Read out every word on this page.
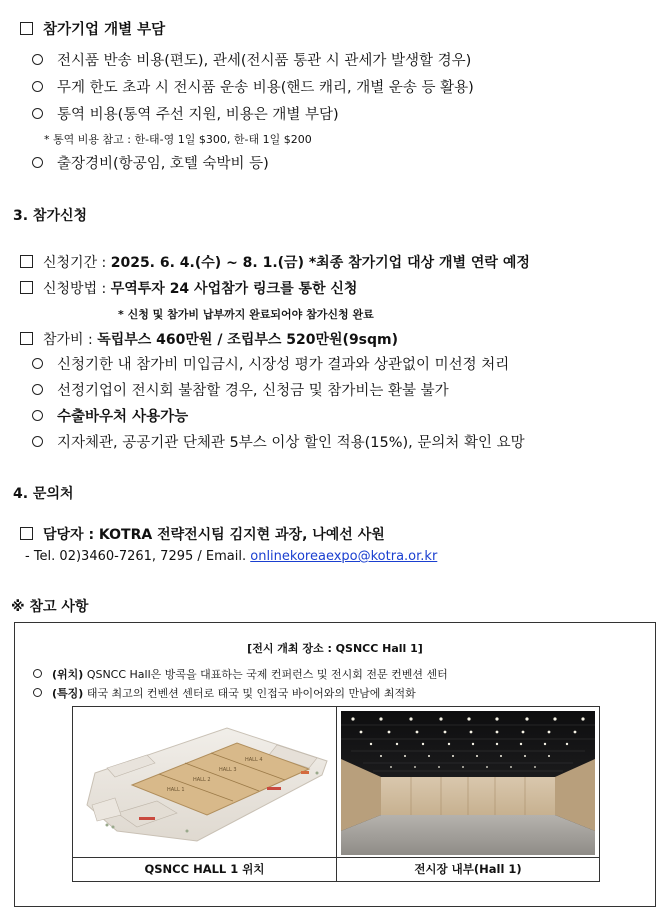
참가기업 개별 부담
전시품 반송 비용(편도), 관세(전시품 통관 시 관세가 발생할 경우)
무게 한도 초과 시 전시품 운송 비용(핸드 캐리, 개별 운송 등 활용)
통역 비용(통역 주선 지원, 비용은 개별 부담)
* 통역 비용 참고 : 한-태-영 1일 $300, 한-태 1일 $200
출장경비(항공임, 호텔 숙박비 등)
3. 참가신청
신청기간 : 2025. 6. 4.(수) ~ 8. 1.(금) *최종 참가기업 대상 개별 연락 예정
신청방법 : 무역투자 24 사업참가 링크를 통한 신청
* 신청 및 참가비 납부까지 완료되어야 참가신청 완료
참가비 : 독립부스 460만원 / 조립부스 520만원(9sqm)
신청기한 내 참가비 미입금시, 시장성 평가 결과와 상관없이 미선정 처리
선정기업이 전시회 불참할 경우, 신청금 및 참가비는 환불 불가
수출바우처 사용가능
지자체관, 공공기관 단체관 5부스 이상 할인 적용(15%), 문의처 확인 요망
4. 문의처
담당자 : KOTRA 전략전시팀 김지현 과장, 나예선 사원
- Tel. 02)3460-7261, 7295 / Email. onlinekoreaexpo@kotra.or.kr
※ 참고 사항
[전시 개최 장소 : QSNCC Hall 1]
(위치) QSNCC Hall은 방콕을 대표하는 국제 컨퍼런스 및 전시회 전문 컨벤션 센터
(특징) 태국 최고의 컨벤션 센터로 태국 및 인접국 바이어와의 만남에 최적화
HALL 1
HALL 2
HALL 3
HALL 4
QSNCC HALL 1 위치	전시장 내부(Hall 1)
